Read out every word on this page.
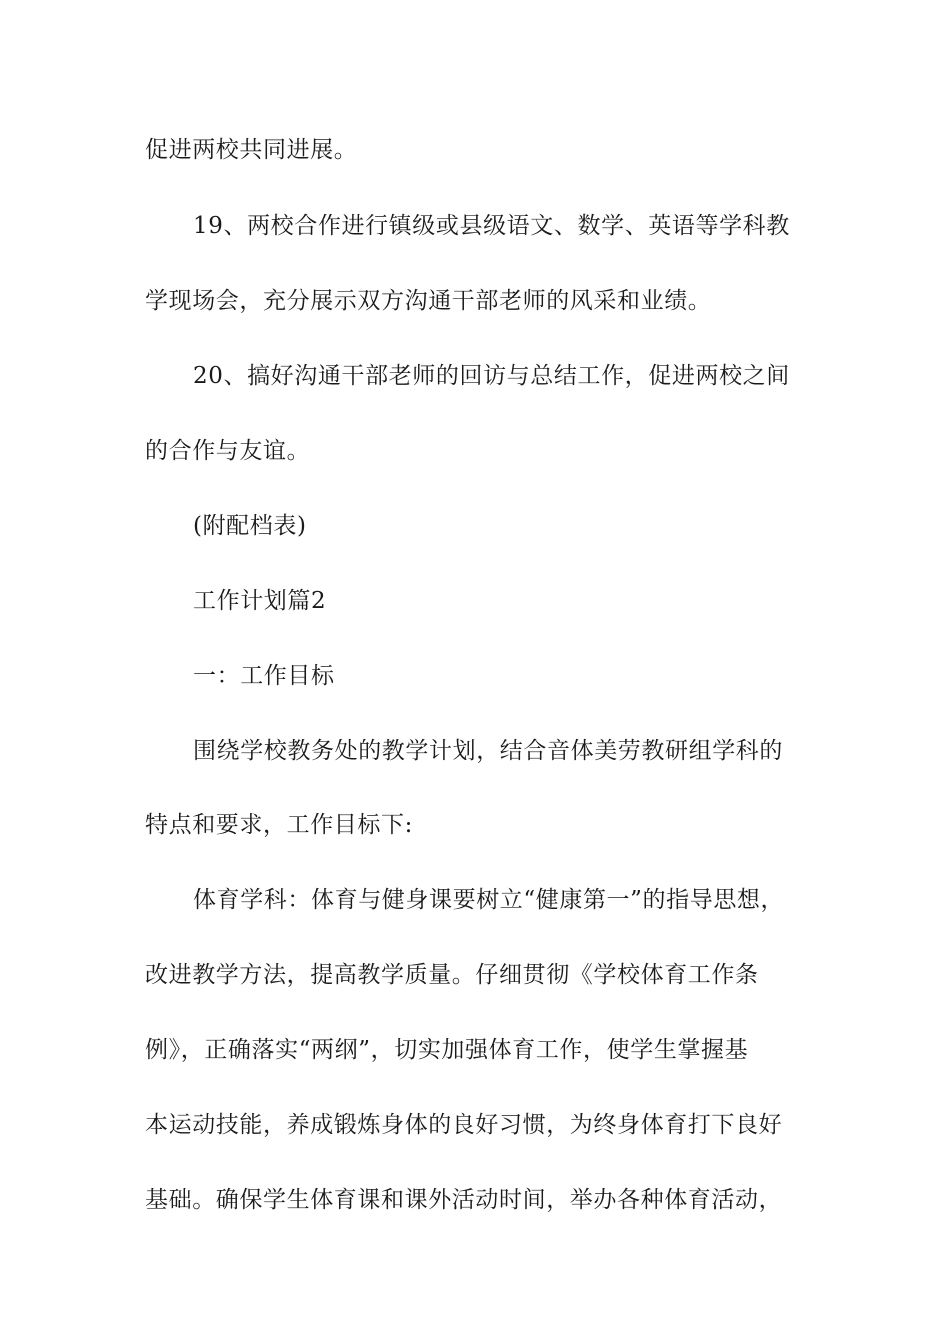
促进两校共同进展。
19、两校合作进行镇级或县级语文、数学、英语等学科教
学现场会，充分展示双方沟通干部老师的风采和业绩。
20、搞好沟通干部老师的回访与总结工作，促进两校之间
的合作与友谊。
(附配档表)
工作计划篇2
一：工作目标
围绕学校教务处的教学计划，结合音体美劳教研组学科的
特点和要求，工作目标下:
体育学科：体育与健身课要树立“健康第一”的指导思想，
改进教学方法，提高教学质量。仔细贯彻《学校体育工作条
例》，正确落实“两纲”，切实加强体育工作，使学生掌握基
本运动技能，养成锻炼身体的良好习惯，为终身体育打下良好
基础。确保学生体育课和课外活动时间，举办各种体育活动，
